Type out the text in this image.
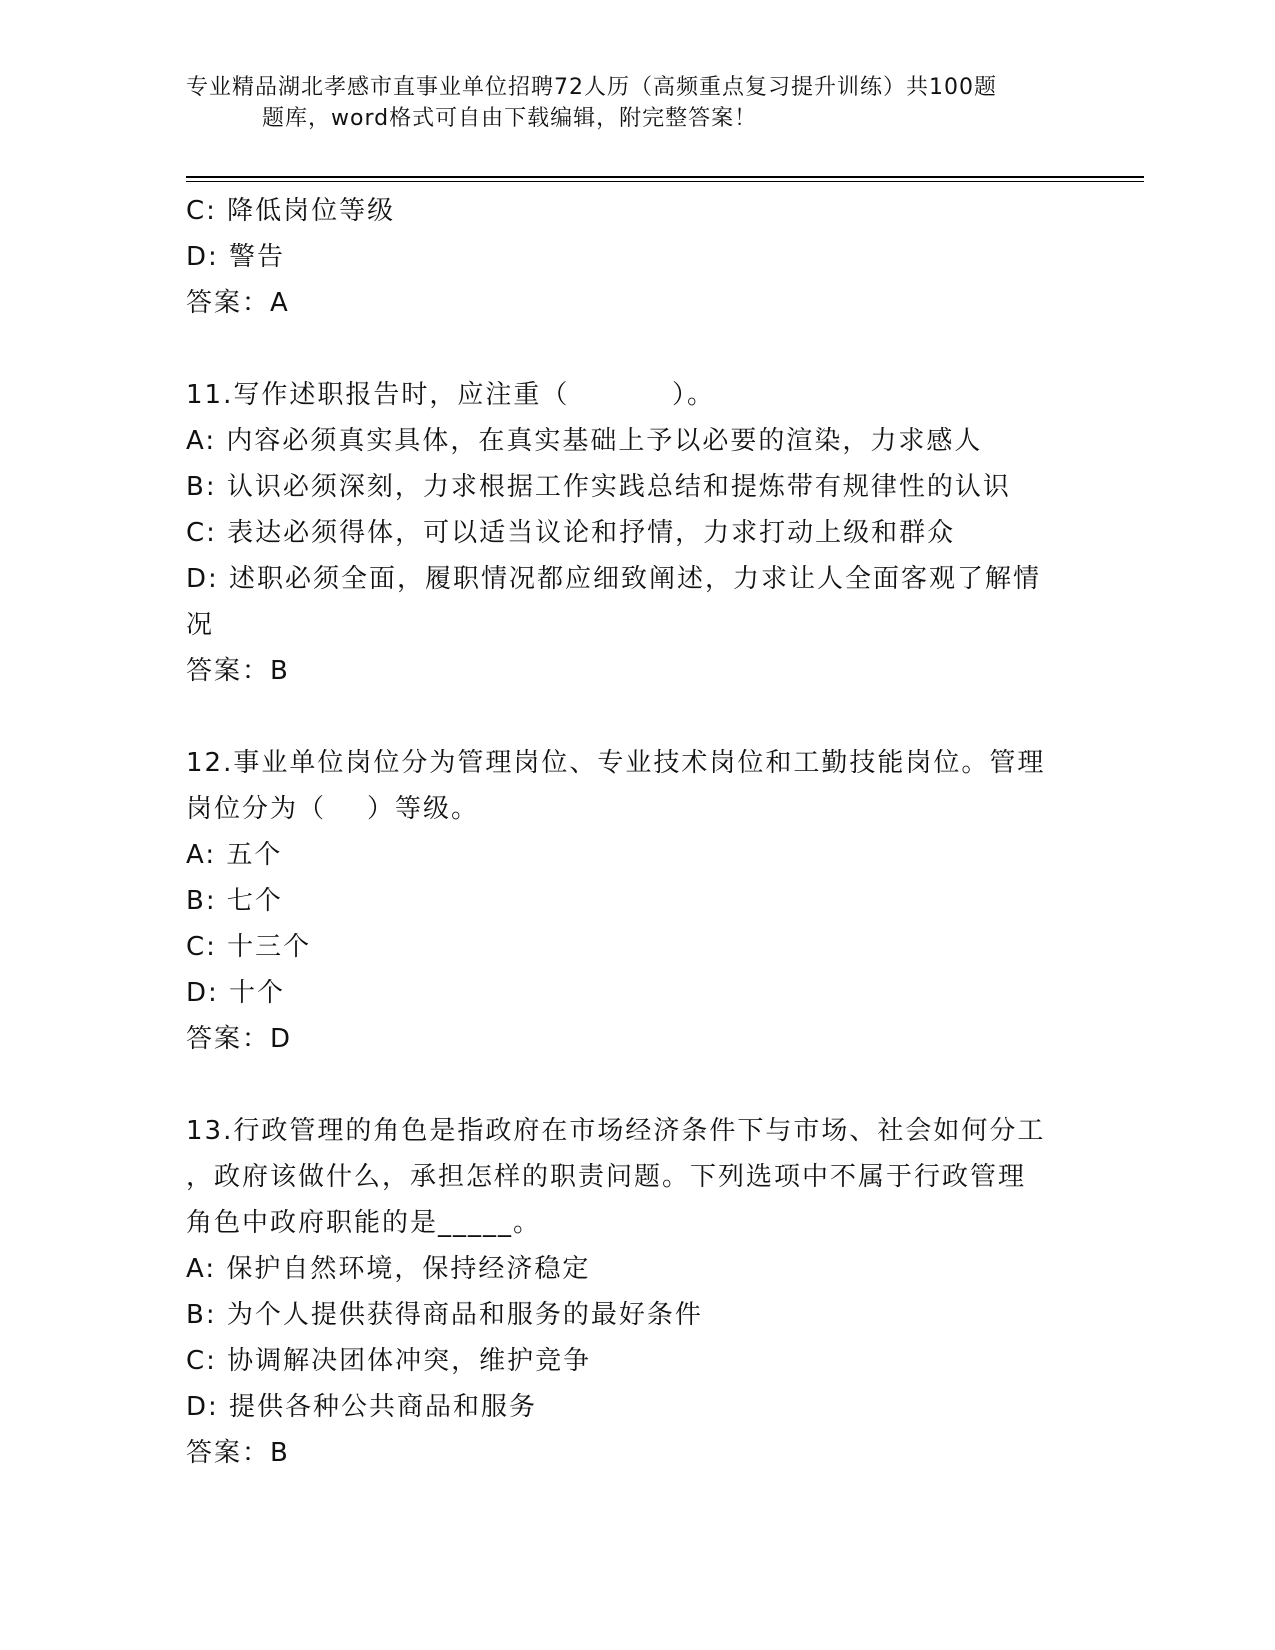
专业精品湖北孝感市直事业单位招聘72人历（高频重点复习提升训练）共100题
题库，word格式可自由下载编辑，附完整答案！
C: 降低岗位等级
D: 警告
答案：A
11.写作述职报告时，应注重（          ）。
A: 内容必须真实具体，在真实基础上予以必要的渲染，力求感人
B: 认识必须深刻，力求根据工作实践总结和提炼带有规律性的认识
C: 表达必须得体，可以适当议论和抒情，力求打动上级和群众
D: 述职必须全面，履职情况都应细致阐述，力求让人全面客观了解情
况
答案：B
12.事业单位岗位分为管理岗位、专业技术岗位和工勤技能岗位。管理
岗位分为（    ）等级。
A: 五个
B: 七个
C: 十三个
D: 十个
答案：D
13.行政管理的角色是指政府在市场经济条件下与市场、社会如何分工
，政府该做什么，承担怎样的职责问题。下列选项中不属于行政管理
角色中政府职能的是_____。
A: 保护自然环境，保持经济稳定
B: 为个人提供获得商品和服务的最好条件
C: 协调解决团体冲突，维护竞争
D: 提供各种公共商品和服务
答案：B
